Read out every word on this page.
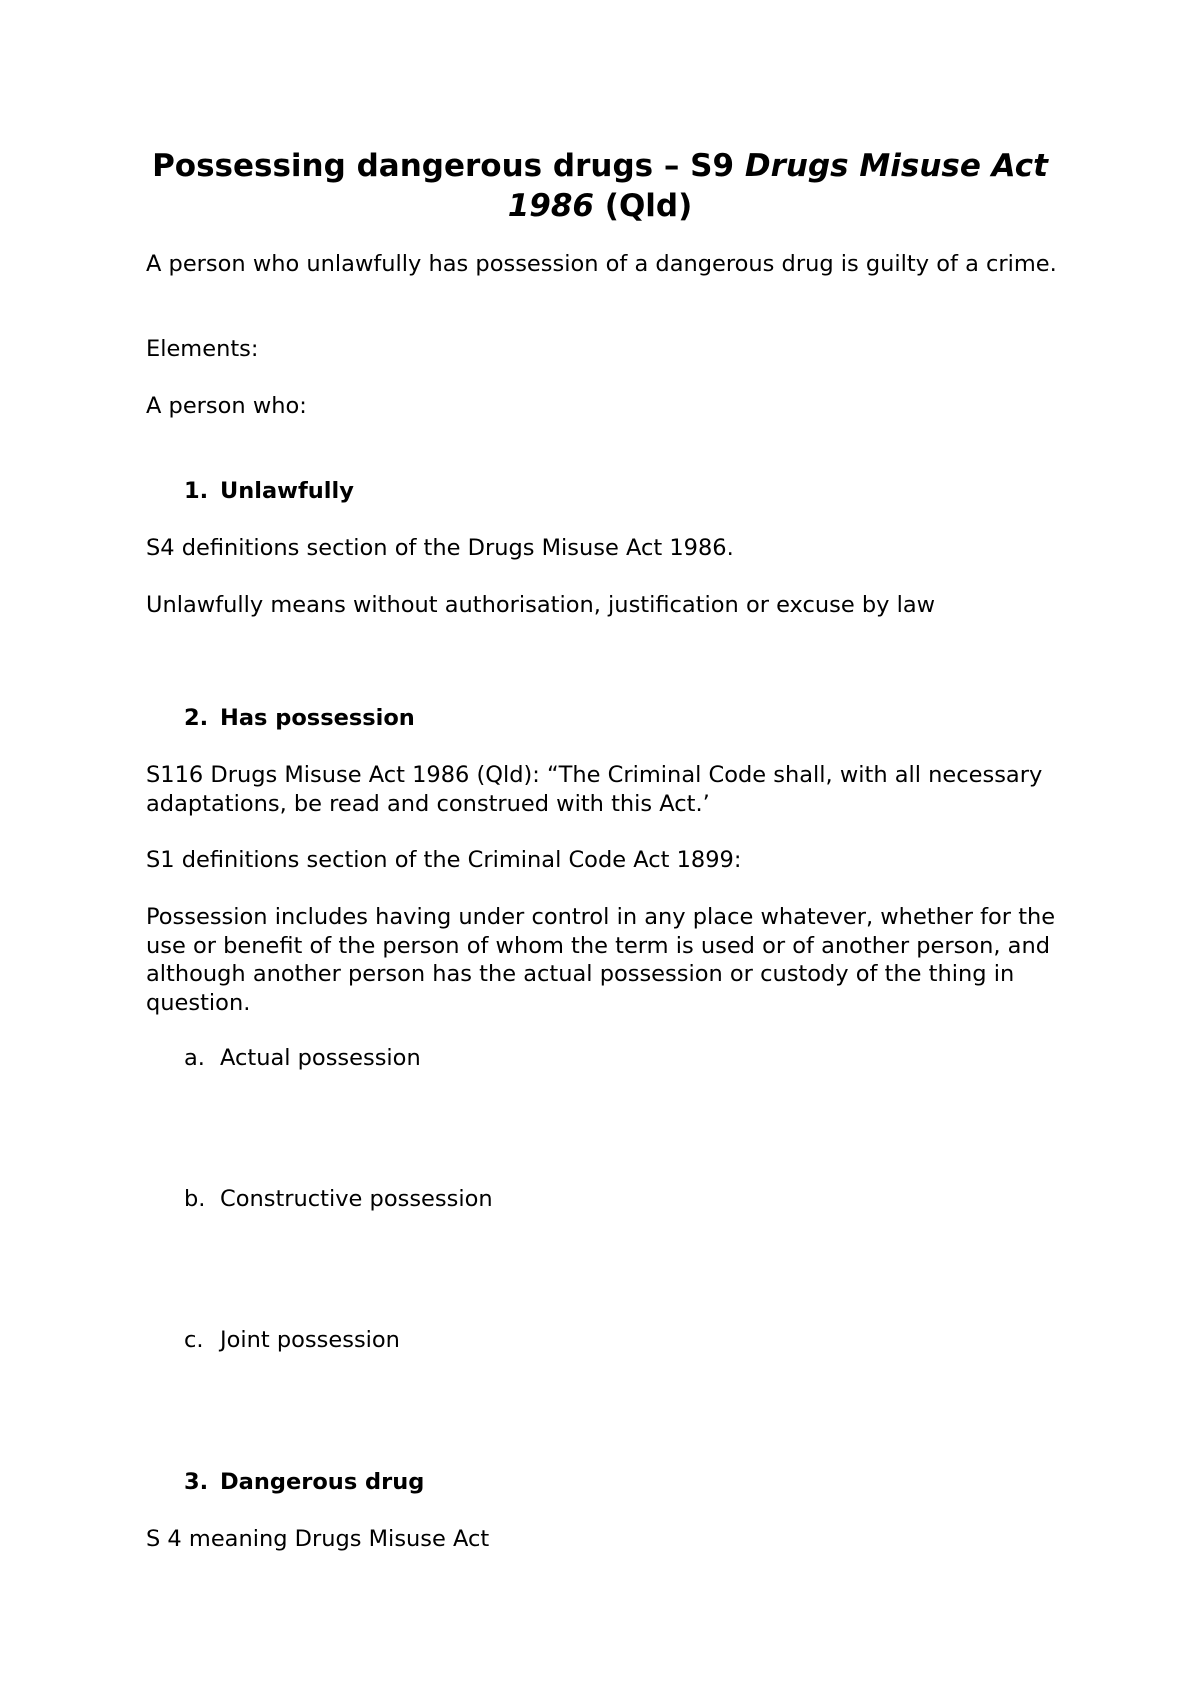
Possessing dangerous drugs – S9 Drugs Misuse Act 1986 (Qld)

A person who unlawfully has possession of a dangerous drug is guilty of a crime.

Elements:

A person who:

1. Unlawfully

S4 definitions section of the Drugs Misuse Act 1986.

Unlawfully means without authorisation, justification or excuse by law

2. Has possession

S116 Drugs Misuse Act 1986 (Qld): “The Criminal Code shall, with all necessary adaptations, be read and construed with this Act.’

S1 definitions section of the Criminal Code Act 1899:

Possession includes having under control in any place whatever, whether for the use or benefit of the person of whom the term is used or of another person, and although another person has the actual possession or custody of the thing in question.

a. Actual possession

b. Constructive possession

c. Joint possession

3. Dangerous drug

S 4 meaning Drugs Misuse Act
